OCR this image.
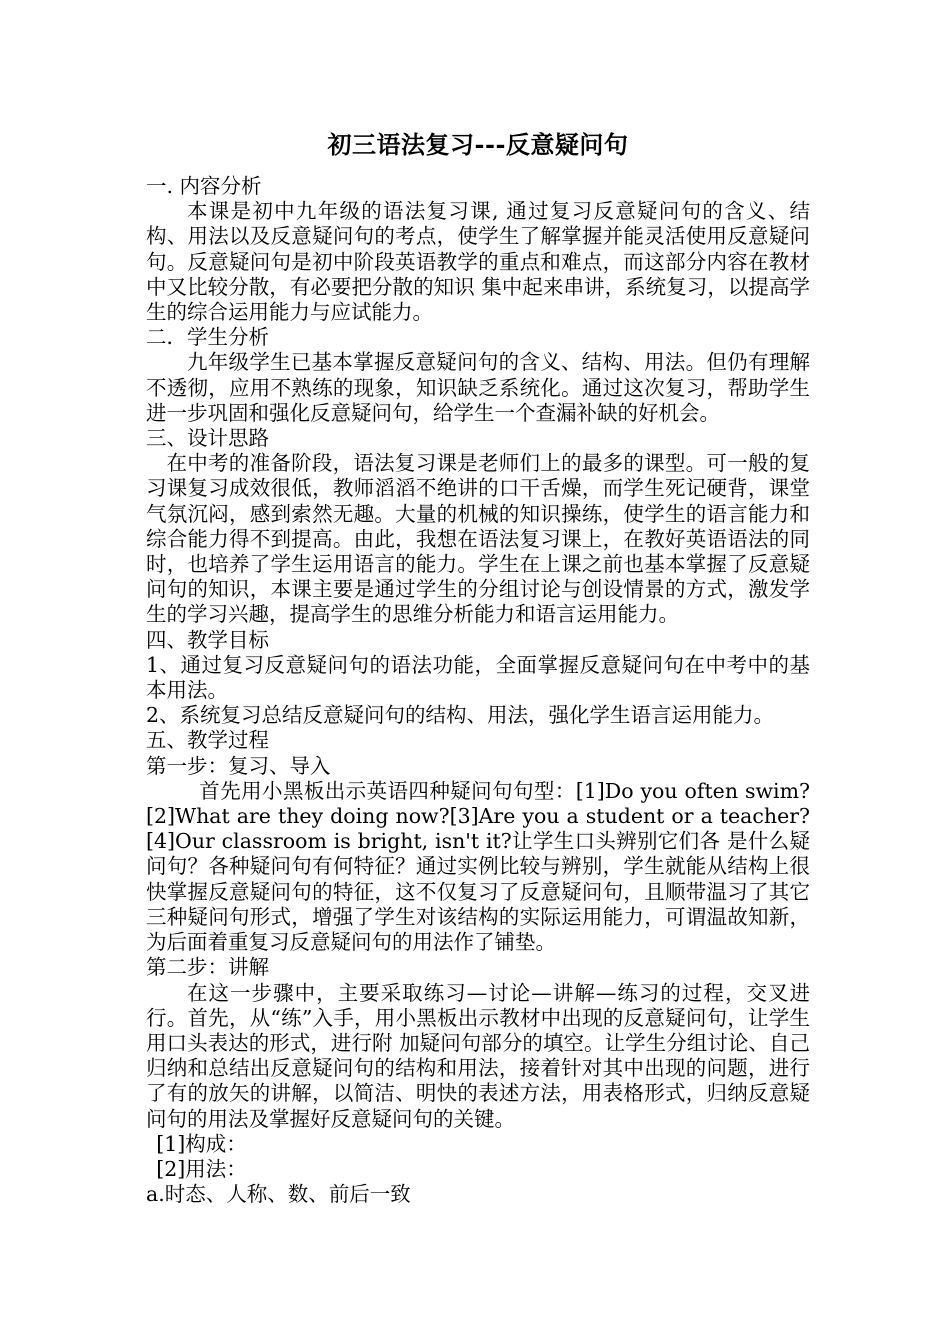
初三语法复习---反意疑问句

一. 内容分析

本课是初中九年级的语法复习课, 通过复习反意疑问句的含义、结构、用法以及反意疑问句的考点，使学生了解掌握并能灵活使用反意疑问句。反意疑问句是初中阶段英语教学的重点和难点，而这部分内容在教材中又比较分散，有必要把分散的知识 集中起来串讲，系统复习，以提高学生的综合运用能力与应试能力。

二．学生分析

九年级学生已基本掌握反意疑问句的含义、结构、用法。但仍有理解不透彻，应用不熟练的现象，知识缺乏系统化。通过这次复习，帮助学生进一步巩固和强化反意疑问句，给学生一个查漏补缺的好机会。

三、设计思路

在中考的准备阶段，语法复习课是老师们上的最多的课型。可一般的复习课复习成效很低，教师滔滔不绝讲的口干舌燥，而学生死记硬背，课堂气氛沉闷，感到索然无趣。大量的机械的知识操练，使学生的语言能力和综合能力得不到提高。由此，我想在语法复习课上，在教好英语语法的同时，也培养了学生运用语言的能力。学生在上课之前也基本掌握了反意疑问句的知识，本课主要是通过学生的分组讨论与创设情景的方式，激发学生的学习兴趣，提高学生的思维分析能力和语言运用能力。

四、教学目标

1、通过复习反意疑问句的语法功能，全面掌握反意疑问句在中考中的基本用法。

2、系统复习总结反意疑问句的结构、用法，强化学生语言运用能力。

五、教学过程

第一步：复习、导入

首先用小黑板出示英语四种疑问句句型：[1]Do you often swim?[2]What are they doing now?[3]Are you a student or a teacher?[4]Our classroom is bright, isn't it?让学生口头辨别它们各 是什么疑问句？各种疑问句有何特征？通过实例比较与辨别，学生就能从结构上很快掌握反意疑问句的特征，这不仅复习了反意疑问句，且顺带温习了其它三种疑问句形式，增强了学生对该结构的实际运用能力，可谓温故知新，为后面着重复习反意疑问句的用法作了铺垫。

第二步：讲解

在这一步骤中，主要采取练习—讨论—讲解—练习的过程，交叉进行。首先，从“练”入手，用小黑板出示教材中出现的反意疑问句，让学生用口头表达的形式，进行附 加疑问句部分的填空。让学生分组讨论、自己归纳和总结出反意疑问句的结构和用法，接着针对其中出现的问题，进行了有的放矢的讲解，以简洁、明快的表述方法，用表格形式，归纳反意疑问句的用法及掌握好反意疑问句的关键。

[1]构成：

[2]用法：

a.时态、人称、数、前后一致
